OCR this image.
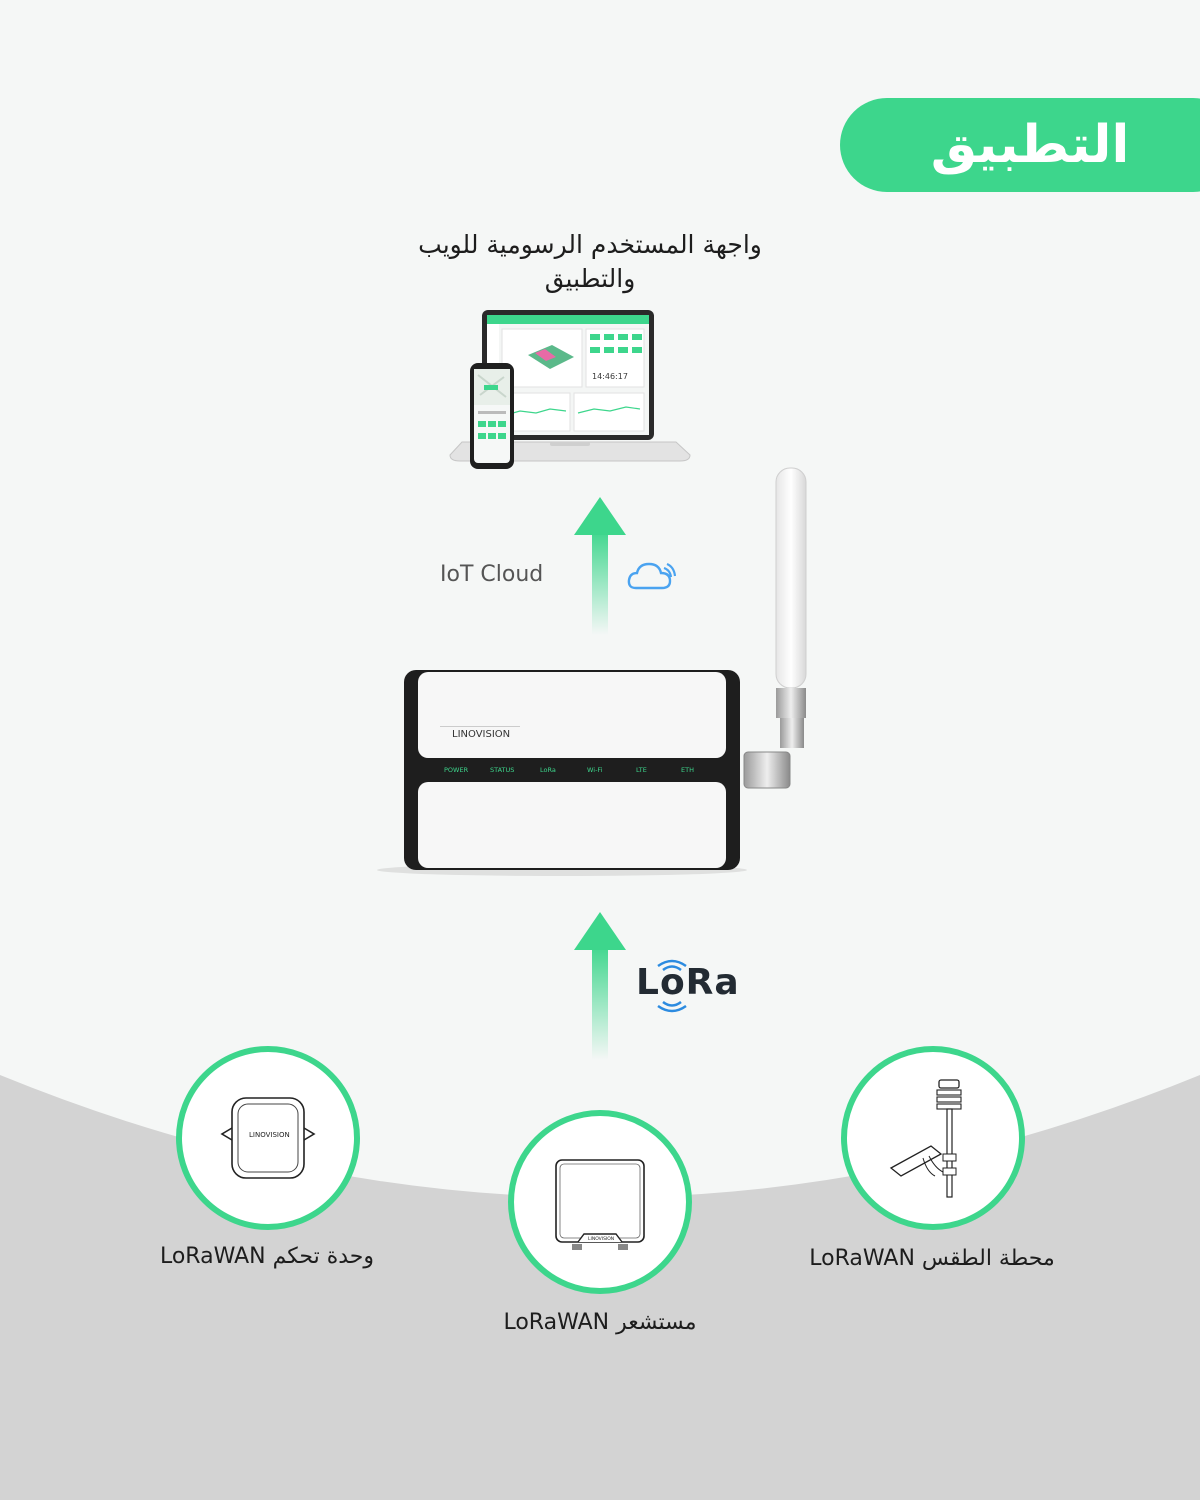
التطبيق
واجهة المستخدم الرسومية للويب والتطبيق
14:46:17
IoT Cloud
LINOVISION
POWER	STATUS	LoRa	Wi-Fi	LTE	ETH
LoRa
LINOVISION
LINOVISION
وحدة تحكم LoRaWAN
مستشعر LoRaWAN
محطة الطقس LoRaWAN
